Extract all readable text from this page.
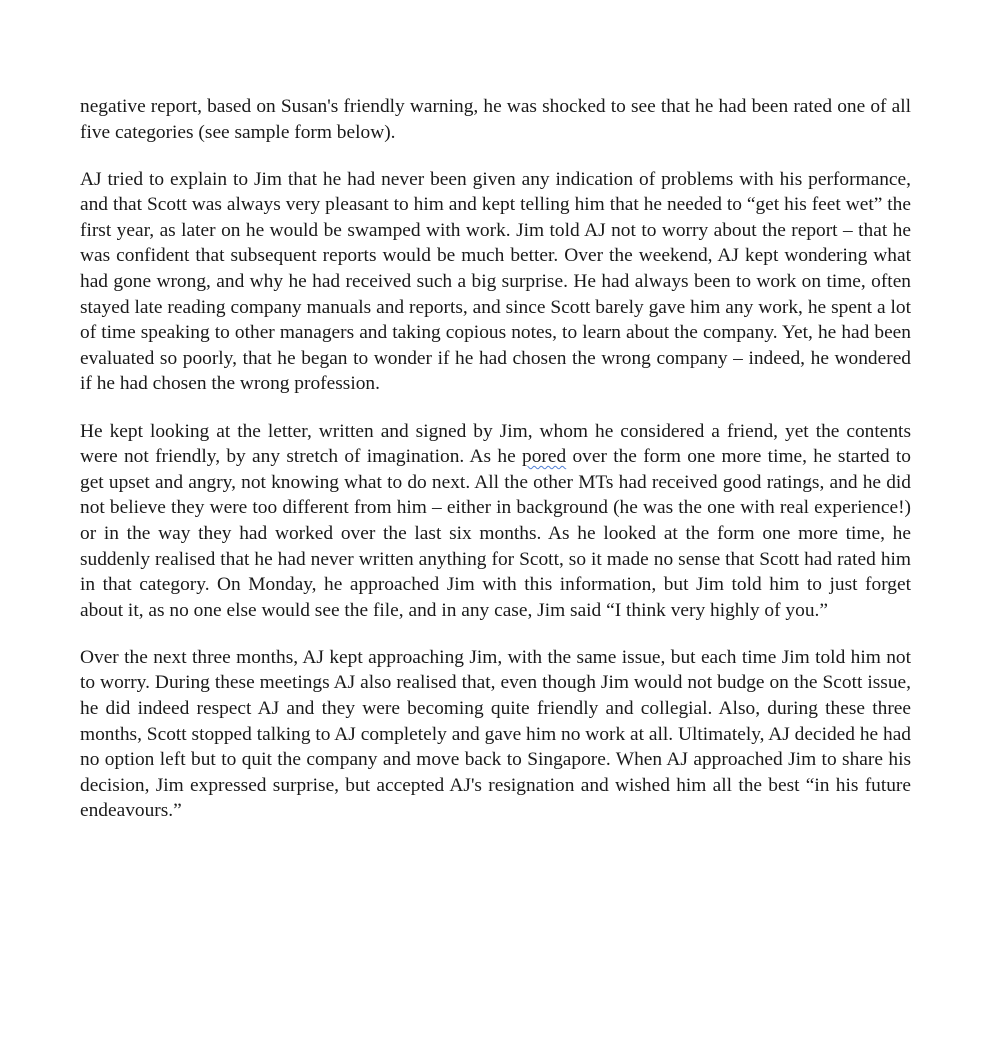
negative report, based on Susan's friendly warning, he was shocked to see that he had been rated one of all five categories (see sample form below).

AJ tried to explain to Jim that he had never been given any indication of problems with his performance, and that Scott was always very pleasant to him and kept telling him that he needed to “get his feet wet” the first year, as later on he would be swamped with work. Jim told AJ not to worry about the report – that he was confident that subsequent reports would be much better. Over the weekend, AJ kept wondering what had gone wrong, and why he had received such a big surprise. He had always been to work on time, often stayed late reading company manuals and reports, and since Scott barely gave him any work, he spent a lot of time speaking to other managers and taking copious notes, to learn about the company. Yet, he had been evaluated so poorly, that he began to wonder if he had chosen the wrong company – indeed, he wondered if he had chosen the wrong profession.

He kept looking at the letter, written and signed by Jim, whom he considered a friend, yet the contents were not friendly, by any stretch of imagination. As he pored over the form one more time, he started to get upset and angry, not knowing what to do next. All the other MTs had received good ratings, and he did not believe they were too different from him – either in background (he was the one with real experience!) or in the way they had worked over the last six months. As he looked at the form one more time, he suddenly realised that he had never written anything for Scott, so it made no sense that Scott had rated him in that category. On Monday, he approached Jim with this information, but Jim told him to just forget about it, as no one else would see the file, and in any case, Jim said “I think very highly of you.”

Over the next three months, AJ kept approaching Jim, with the same issue, but each time Jim told him not to worry. During these meetings AJ also realised that, even though Jim would not budge on the Scott issue, he did indeed respect AJ and they were becoming quite friendly and collegial. Also, during these three months, Scott stopped talking to AJ completely and gave him no work at all. Ultimately, AJ decided he had no option left but to quit the company and move back to Singapore. When AJ approached Jim to share his decision, Jim expressed surprise, but accepted AJ's resignation and wished him all the best “in his future endeavours.”
